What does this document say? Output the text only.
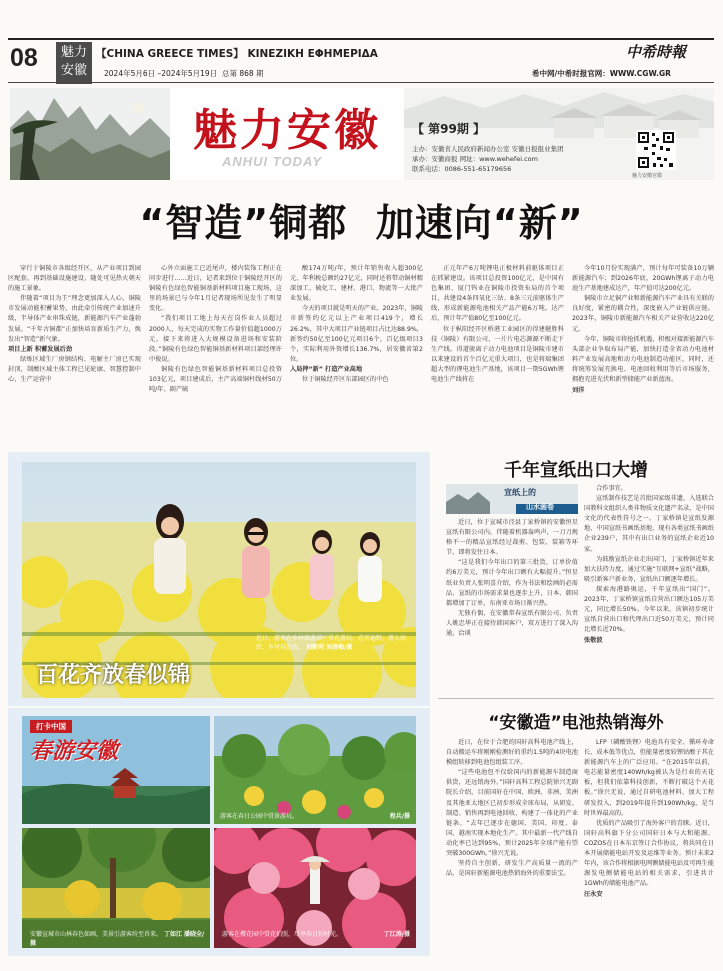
08	魅力
安徽
【CHINA GREECE TIMES】 ΚΙΝΕΖΙΚΗ ΕΦΗΜΕΡΙΔΑ
2024年5月6日 –2024年5月19日 总第 868 期
中希時報
希中网/中希时报官网：WWW.CGW.GR
魅力安徽
ANHUI TODAY
【 第99期 】
主办：安徽省人民政府新闻办公室 安徽日报报业集团
承办：安徽商报 网址：www.wehefei.com
联系电话：0086-551-65179656
魅力安徽官微
“智造”铜都  加速向“新”

穿行于铜陵市各级经开区，从产业项目到园区配套，再到基础设施建设，随处可见热火朝天的施工景象。

伴随着“项目为王”理念更加深入人心，铜陵市发展动能积蓄果势，由此牵引传统产业加速升级，半导体产业串珠成链，新能源汽车产业蓬勃发展。“千年古铜都”正加快培育新质生产力，焕发出“智造”新气象。

项目上新 积蓄发展后劲

绿炼区域生厂房钢结构、电解主厂房已实现封顶，制酸区域主体工程已见轮廓，智慧控制中心、生产运营中

心外立面施工已近尾声，楼内装饰工程正在同步进行……近日，记者来到位于铜陵经开区的铜陵有色绿色智能铜基新材料项目施工现场，这里的场景已与今年1月记者现场所见发生了明显变化。

“我们项目工地上每天在岗作业人员超过2000人，每天完成的实物工作量价值超1000万元，接下来将进入大规模设备进场和安装阶段。”铜陵有色绿色智能铜基新材料项目部经理许中俊说。

铜陵有色绿色智能铜基新材料项目总投资103亿元，项目建成后，主产高端铜杆线材50万吨/年、副产硫

酸174万吨/年，预计年销售收入超300亿元、年利税总额约27亿元，同时还将带动铜材精深加工、硫化工、建材、港口、物流等一大批产业发展。

今天的项目就是明天的产业。2023年，铜陵市新签约亿元以上产业项目419个，增长26.2%，其中大项目产业链项目占比达88.9%，新签约50亿至100亿元项目6个，百亿级项目3个，实际利用外资增长136.7%，居安徽省第2位。

入局押“新” 打造产业高地

位于铜陵经开区东部园区的中色

正元年产6万吨锂电正极材料前驱体项目正在抓紧建设。该项目总投资100亿元，是中国有色集团、厦门钨业在铜陵市投资布局的首个项目，共建设4条四氧化三钴、8条三元前驱体生产线，形成新能源电池相关产品产能6万吨。达产后，预计年产值80亿至100亿元。

位于枞阳经开区桥港工业园区的得建健胜科技（铜陵）有限公司，一片片电芯源源不断走下生产线。得道骏离子动力电池项目是铜陵市建市以来建设的首个百亿元重大项目，也是将瑞集团超大型的锂电池生产基地，该项目一期5GWh锂电池生产线将在

今年10月份实现满产，预计每年可装备10万辆新能源汽车；到2026年底，20GWh锂离子动力电池生产基地建成达产，年产值可达200亿元。

铜陵市立足铜产业和新能源汽车产业具有关联的良好度，紧密的耦合性，深度嵌入产业链供应链。2023年，铜陵市新能源汽车相关产业营收达220亿元。

今年，铜陵市将抢抓机遇，积极对接新能源汽车头部企业争取布局产能，加快打造全省动力电池材料产业发展高地和动力电池制造功能区，同时，还将统筹发展充换电、电池回收利用等后市场服务，拥抱充进光伏和新型储能产业新蓝海。

刘洋

百花齐放春似锦
近日，游客在乡村旅游景区赏花游玩。花开遍野，游人如织，乡村春意浓。 刘勤利 刘清梅/摄
打卡中国
春游安徽
游客在春日公园中赏景游玩。	程兵/摄
安徽宣城市山林春色如画，美景引游客纷至沓来。 丁如江 潘晓全/摄
游客在樱花园中赏花拍照，尽享春日好时光。	丁江涛/摄
千年宣纸出口大增
宣纸上的
山水画卷

近日，位于宣城市泾县丁家桥镇的安徽恒星宣纸有限公司内，伴随着机器轰鸣声，一刀刀规格不一的精品宣纸经过裁剪、包装、装箱等环节，即将发往日本。

“这是我们今年出口的第三批货，订单价值约6万美元，预计今年出口额有大幅提升。”恒星纸业负责人张明喜介绍，作为书法和绘画的必需品，宣纸的市场需求量也逐步上升，日本、韩国都增加了订单，东南亚市场日渐兴热。

无独有偶，在安徽常春宣纸有限公司，负责人姚忠华正在接待韩国客户，双方进行了深入沟通，洽谈

合作事宜。

宣纸制作技艺是首批国家级非遗，入选联合国教科文组织人类非物质文化遗产名录，是中国文化的代表性符号之一。丁家桥镇是宣纸发源地、中国宣纸书画纸基地，现有各类宣纸书画纸企业239户，其中有出口业务的宣纸企业近10家。

为鼓励宣纸企业走出国门，丁家桥镇近年来加大扶持力度，通过实施“互联网+宣纸”战略，吸引新客户新业务，宣纸出口额逐年增长。

探索海港路奥运，千年宣纸出“国门”。2023年，丁家桥镇宣纸自营出口额达105万美元，同比增长50%。今年以来，该镇初步统计宣纸自营出口和代理出口近50万美元，预计同比增长近70%。

张敬波

“安徽造”电池热销海外

近日，在位于合肥的国轩高科电池产线上，自动搬运车将刚刚检测好的重约1.5吨的4块电池模组转移到电池包组装工序。

“这些电池包不仅给国内的新能源车制造商供货，还远销海外。”国轩高科工程总院徐兴无副院长介绍，目前国轩在中国、欧洲、非洲、美洲及其他亚太地区已初步形成全球布局，从研发、制造、销售再到电池回收，构建了一体化的产业链条。“去年已逐步在德国、美国、印度、泰国、越南实现本地化生产。其中最新一代产线自动化率已达到95%，预计2025年全球产能有望突破300GWh。”徐兴无说。

坚持自主创新，研发生产高质量一流的产品，是国轩新能源电池热销海外的重要法宝。

LFP（磷酸铁锂）电池具有安全、循环寿命长、成本低等优点，但能量密度较锂钴酸子其在新能源汽车上的广泛应用。“在2015年以前，电芯能量密度140Wh/kg被认为是行业的天花板，但我们依靠科技创新，不断打破这个天花板。”徐兴无说，通过自研电池材料、加大工程研发投入，到2019年提升到190Wh/kg，是当时世界最高的。

优质的产品吸引了海外客户的青睐。近日，国轩高科旗下分公司国轩日本与大和能源、COZOS在日本东京签订合作协议，将共同在日本开展储能电站开发及运维等业务。预计未来2年内，该合作将根据电网侧储能电站及可再生能源发电侧储能电站的相关需求，引进共计1GWh的储能电池产品。

汪永安
